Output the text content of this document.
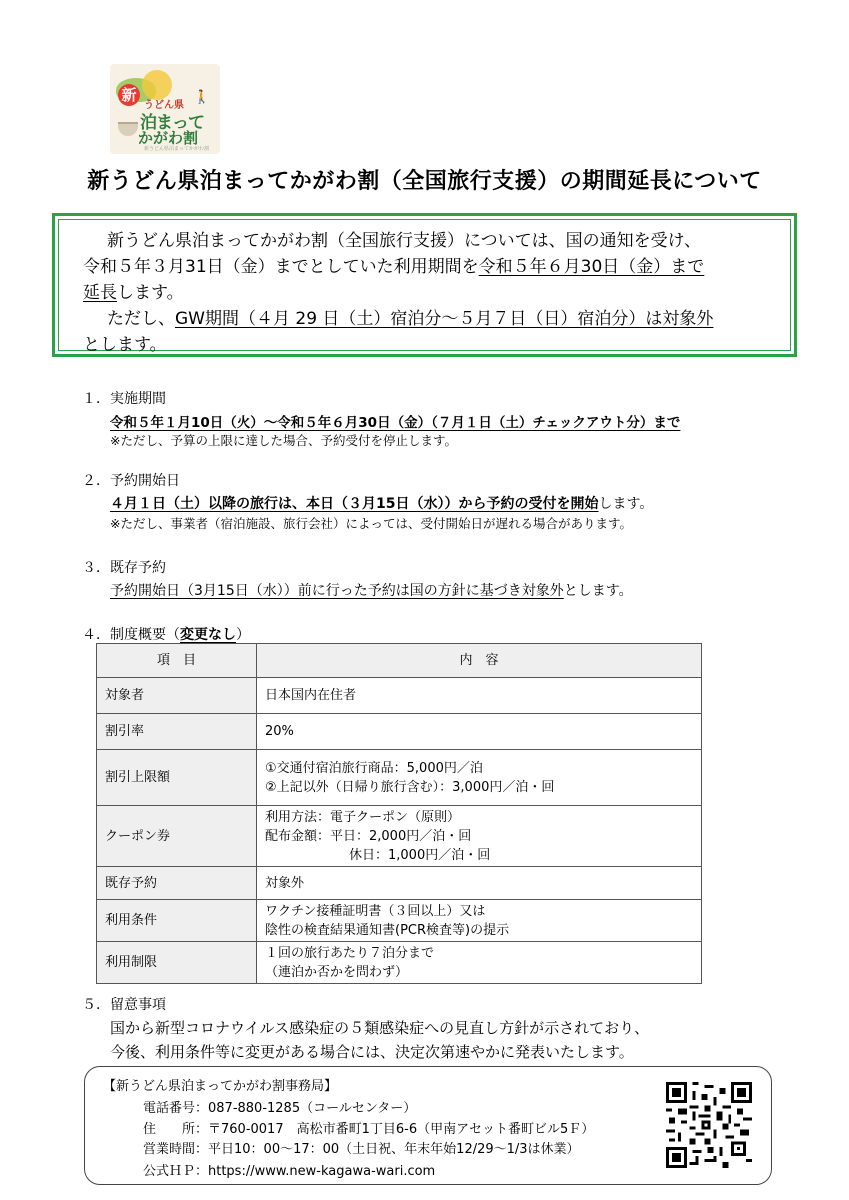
新	🚶
うどん県
泊まって
かがわ割
新うどん県泊まってかがわ割
新うどん県泊まってかがわ割（全国旅行支援）の期間延長について
新うどん県泊まってかがわ割（全国旅行支援）については、国の通知を受け、
令和５年３月31日（金）までとしていた利用期間を令和５年６月30日（金）まで
延長します。
ただし、GW期間（４月 29 日（土）宿泊分〜５月７日（日）宿泊分）は対象外
とします。
１．実施期間
令和５年１月10日（火）〜令和５年６月30日（金）（７月１日（土）チェックアウト分）まで
※ただし、予算の上限に達した場合、予約受付を停止します。
２．予約開始日
４月１日（土）以降の旅行は、本日（３月15日（水））から予約の受付を開始します。
※ただし、事業者（宿泊施設、旅行会社）によっては、受付開始日が遅れる場合があります。
３．既存予約
予約開始日（3月15日（水））前に行った予約は国の方針に基づき対象外とします。
４．制度概要（変更なし）
項　目	内　容
対象者	日本国内在住者

割引率	20%

割引上限額	①交通付宿泊旅行商品：5,000円／泊
②上記以外（日帰り旅行含む）：3,000円／泊・回

クーポン券	利用方法：電子クーポン（原則）
配布金額：平日：2,000円／泊・回
休日：1,000円／泊・回

既存予約	対象外

利用条件	ワクチン接種証明書（３回以上）又は
陰性の検査結果通知書(PCR検査等)の提示

利用制限	１回の旅行あたり７泊分まで
（連泊か否かを問わず）
５．留意事項
国から新型コロナウイルス感染症の５類感染症への見直し方針が示されており、
今後、利用条件等に変更がある場合には、決定次第速やかに発表いたします。
【新うどん県泊まってかがわ割事務局】
電話番号：087-880-1285（コールセンター）
住　　所：〒760-0017　高松市番町1丁目6-6（甲南アセット番町ビル5Ｆ）
営業時間：平日10：00〜17：00（土日祝、年末年始12/29〜1/3は休業）
公式ＨＰ：https://www.new-kagawa-wari.com
